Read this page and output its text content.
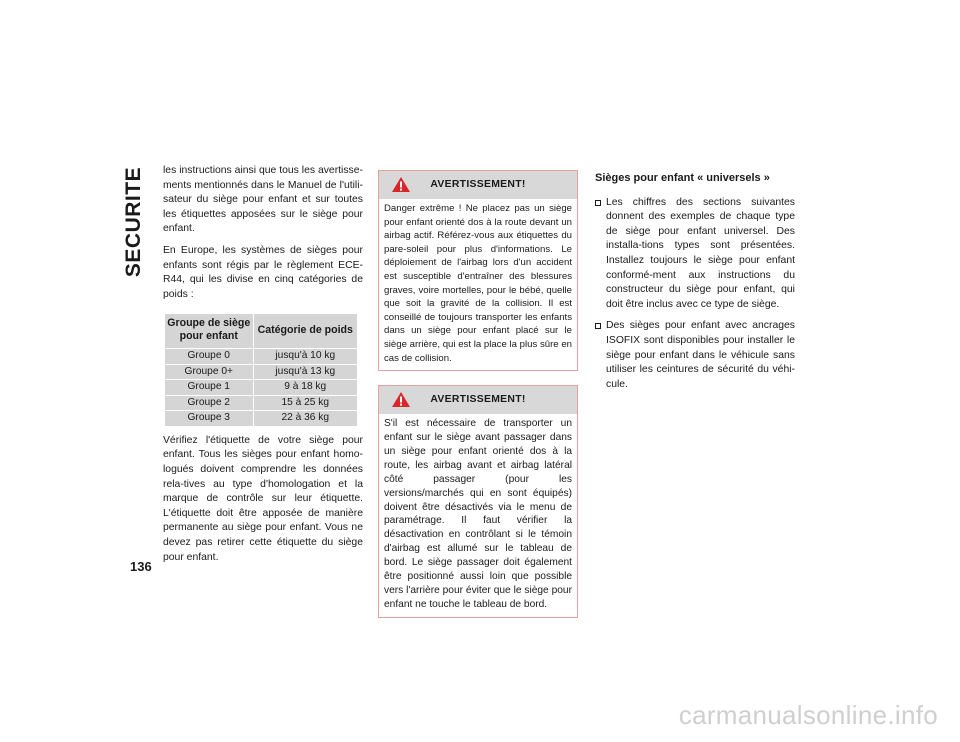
SECURITE
136

les instructions ainsi que tous les avertisse-ments mentionnés dans le Manuel de l'utili-sateur du siège pour enfant et sur toutes les étiquettes apposées sur le siège pour enfant.

En Europe, les systèmes de sièges pour enfants sont régis par le règlement ECE-R44, qui les divise en cinq catégories de poids :

Groupe de siège pour enfant	Catégorie de poids
Groupe 0	jusqu'à 10 kg
Groupe 0+	jusqu'à 13 kg
Groupe 1	9 à 18 kg
Groupe 2	15 à 25 kg
Groupe 3	22 à 36 kg

Vérifiez l'étiquette de votre siège pour enfant. Tous les sièges pour enfant homo-logués doivent comprendre les données rela-tives au type d'homologation et la marque de contrôle sur leur étiquette. L'étiquette doit être apposée de manière permanente au siège pour enfant. Vous ne devez pas retirer cette étiquette du siège pour enfant.

AVERTISSEMENT!
Danger extrême ! Ne placez pas un siège pour enfant orienté dos à la route devant un airbag actif. Référez-vous aux étiquettes du pare-soleil pour plus d'informations. Le déploiement de l'airbag lors d'un accident est susceptible d'entraîner des blessures graves, voire mortelles, pour le bébé, quelle que soit la gravité de la collision. Il est conseillé de toujours transporter les enfants dans un siège pour enfant placé sur le siège arrière, qui est la place la plus sûre en cas de collision.
AVERTISSEMENT!
S'il est nécessaire de transporter un enfant sur le siège avant passager dans un siège pour enfant orienté dos à la route, les airbag avant et airbag latéral côté passager (pour les versions/marchés qui en sont équipés) doivent être désactivés via le menu de paramétrage. Il faut vérifier la désactivation en contrôlant si le témoin d'airbag est allumé sur le tableau de bord. Le siège passager doit également être positionné aussi loin que possible vers l'arrière pour éviter que le siège pour enfant ne touche le tableau de bord.
Sièges pour enfant « universels »
Les chiffres des sections suivantes donnent des exemples de chaque type de siège pour enfant universel. Des installa-tions types sont présentées. Installez toujours le siège pour enfant conformé-ment aux instructions du constructeur du siège pour enfant, qui doit être inclus avec ce type de siège.
Des sièges pour enfant avec ancrages ISOFIX sont disponibles pour installer le siège pour enfant dans le véhicule sans utiliser les ceintures de sécurité du véhi-cule.
carmanualsonline.info
